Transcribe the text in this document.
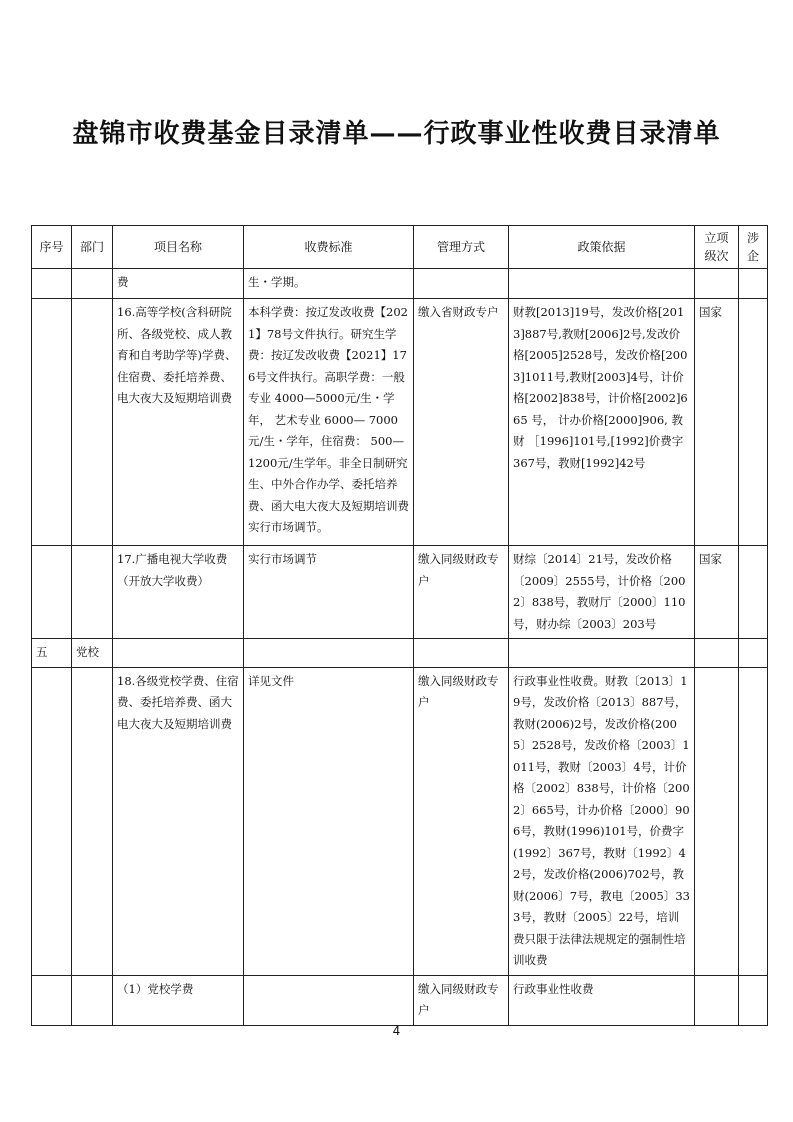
盘锦市收费基金目录清单——行政事业性收费目录清单
序号	部门	项目名称	收费标准	管理方式	政策依据	立项级次	涉企
		费	生・学期。				
		16.高等学校(含科研院所、各级党校、成人教育和自考助学等)学费、住宿费、委托培养费、电大夜大及短期培训费	本科学费：按辽发改收费【2021】78号文件执行。研究生学费：按辽发改收费【2021】176号文件执行。高职学费：一般专业 4000—5000元/生・学年， 艺术专业 6000— 7000元/生・学年，住宿费： 500—1200元/生学年。非全日制研究生、中外合作办学、委托培养费、函大电大夜大及短期培训费实行市场调节。	缴入省财政专户	财教[2013]19号，发改价格[2013]887号,教财[2006]2号,发改价格[2005]2528号，发改价格[2003]1011号,教财[2003]4号，计价格[2002]838号，计价格[2002]665 号， 计办价格[2000]906, 教 财 ［1996]101号,[1992]价费字367号，教财[1992]42号	国家	
		17.广播电视大学收费（开放大学收费）	实行市场调节	缴入同级财政专户	财综〔2014〕21号，发改价格〔2009〕2555号，计价格〔2002〕838号，教财厅〔2000〕110号，财办综〔2003〕203号	国家	
五	党校						
		18.各级党校学费、住宿费、委托培养费、函大电大夜大及短期培训费	详见文件	缴入同级财政专户	行政事业性收费。财教〔2013〕19号，发改价格〔2013〕887号，教财(2006)2号，发改价格(2005〕2528号，发改价格〔2003〕1011号，教财〔2003〕4号，计价格〔2002〕838号，计价格〔2002〕665号，计办价格〔2000〕906号，教财(1996)101号，价费字(1992〕367号，教财〔1992〕42号，发改价格(2006)702号，教财(2006〕7号，教电〔2005〕333号，教财〔2005〕22号，培训费只限于法律法规规定的强制性培训收费		
		（1）党校学费		缴入同级财政专户	行政事业性收费		
4
